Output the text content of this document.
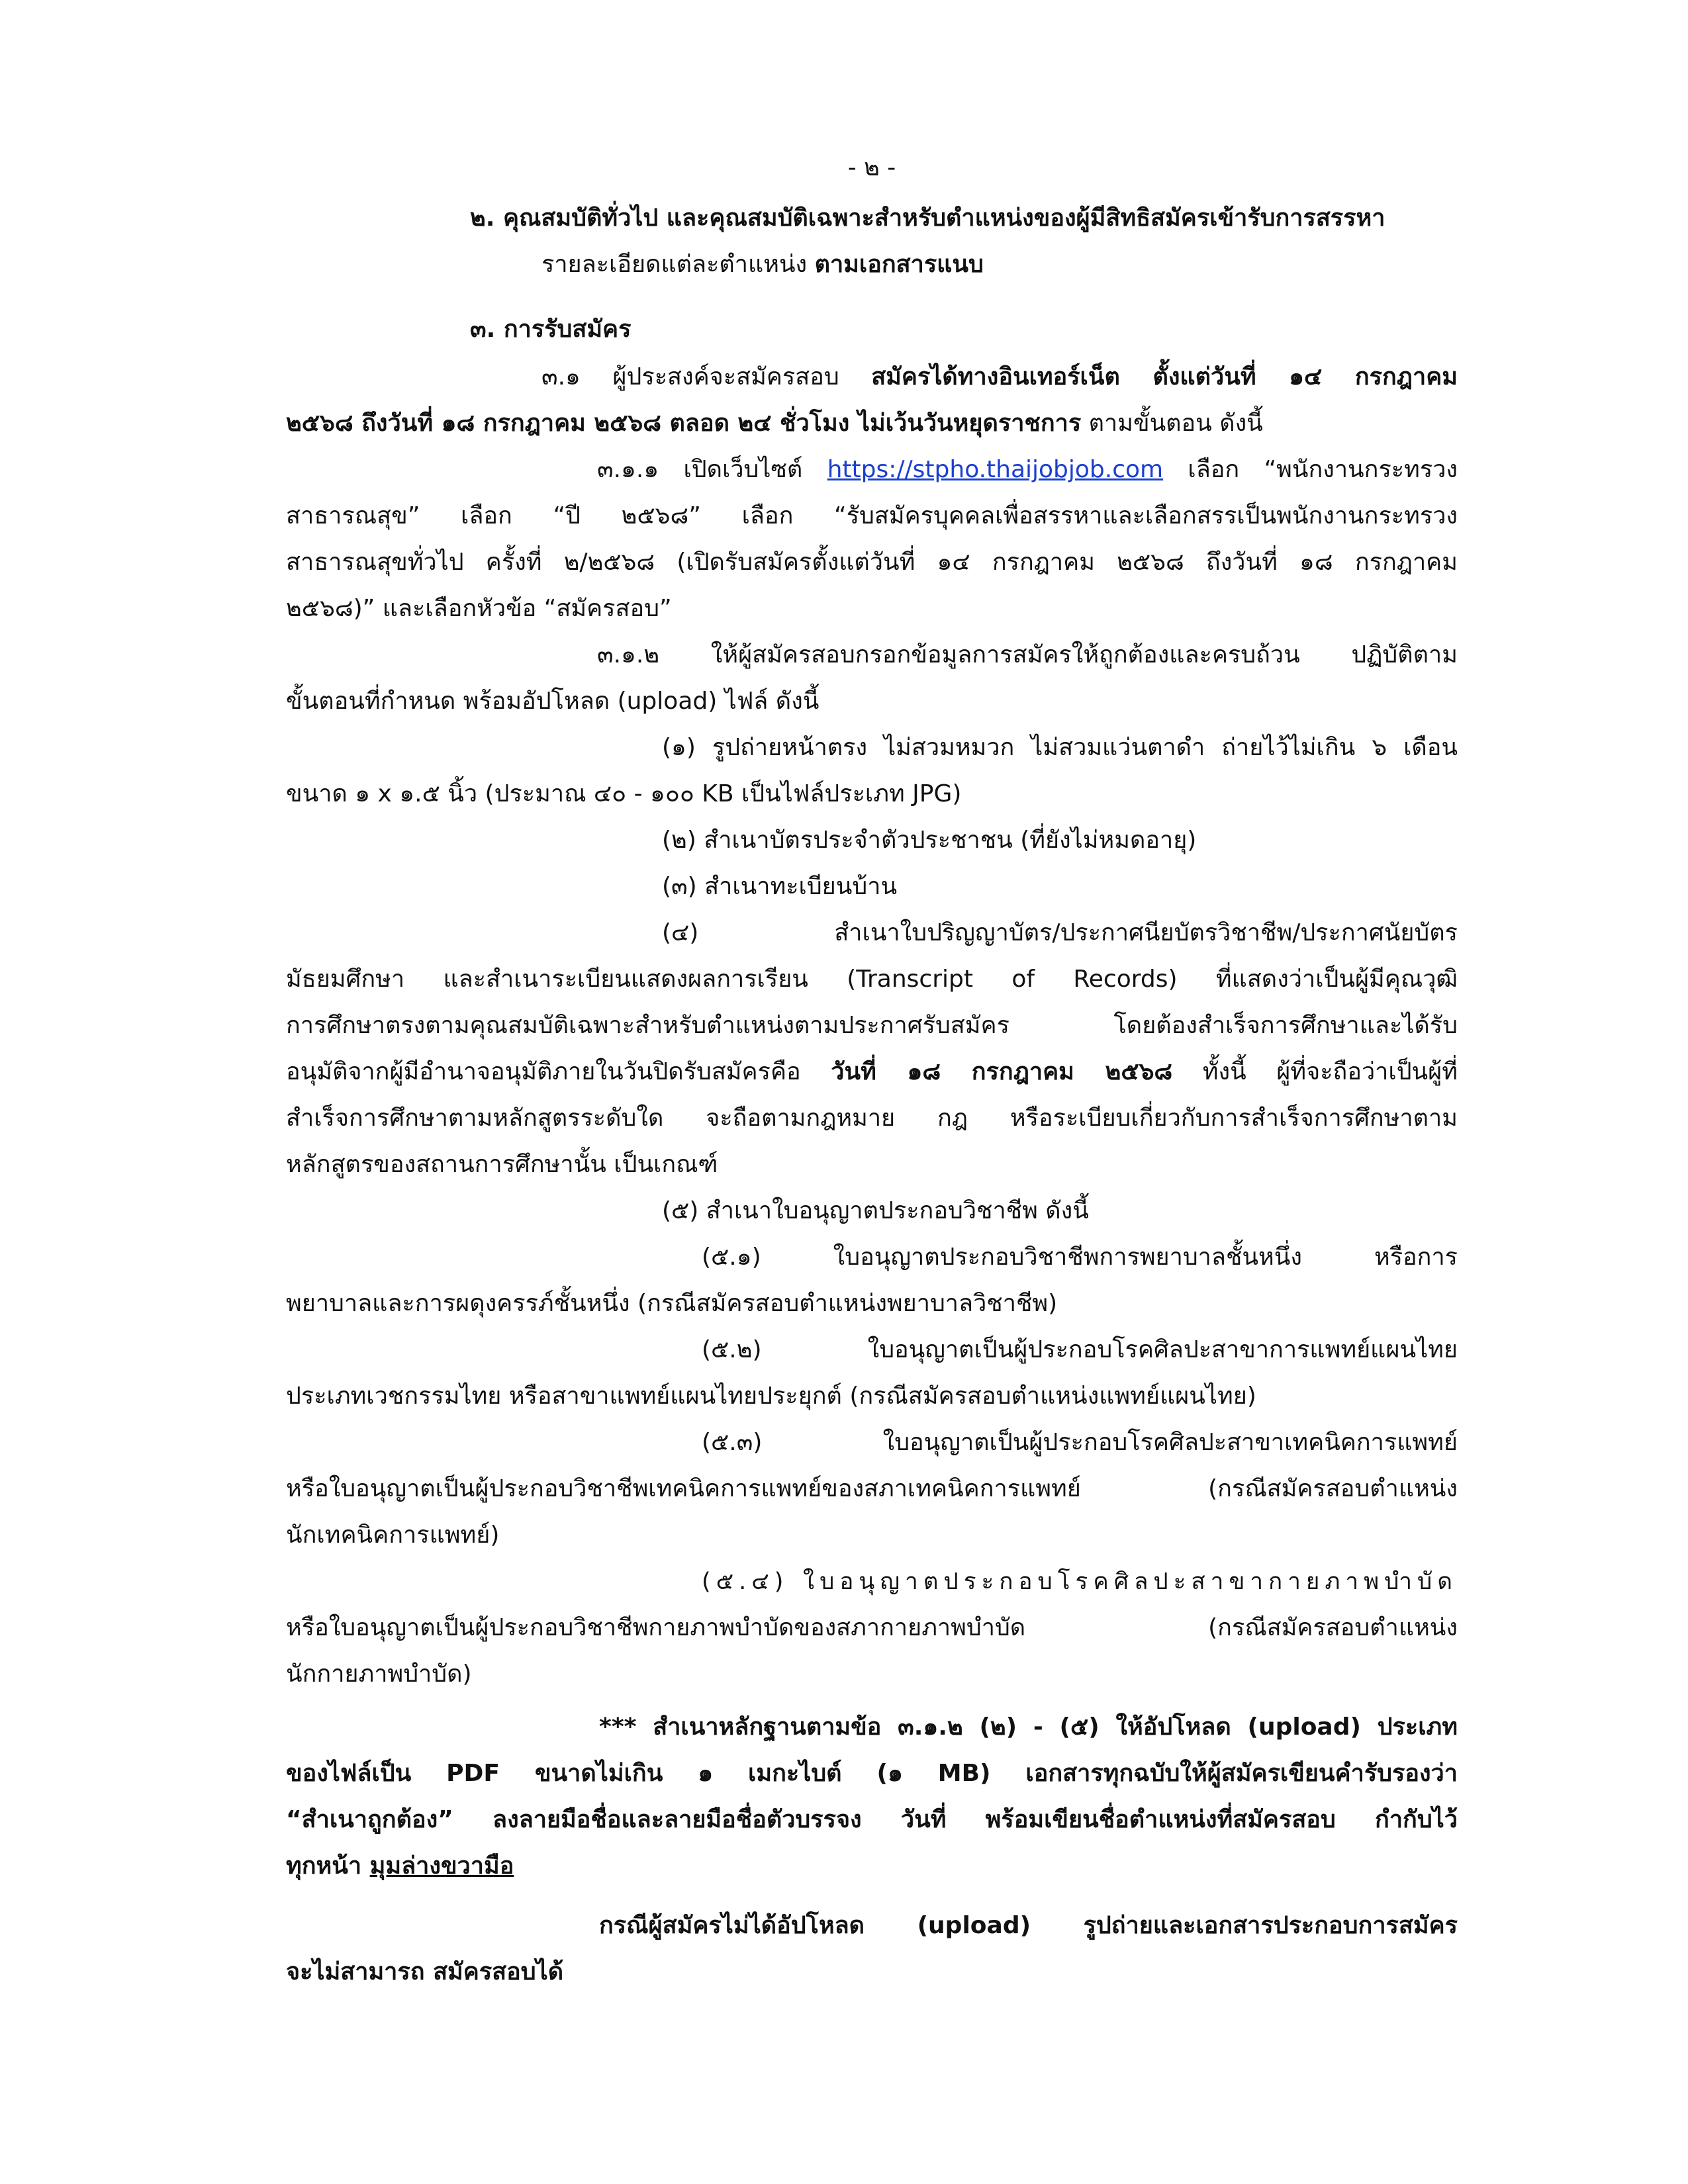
- ๒ -
๒. คุณสมบัติทั่วไป และคุณสมบัติเฉพาะสำหรับตำแหน่งของผู้มีสิทธิสมัครเข้ารับการสรรหา
รายละเอียดแต่ละตำแหน่ง ตามเอกสารแนบ
๓. การรับสมัคร
๓.๑ ผู้ประสงค์จะสมัครสอบ สมัครได้ทางอินเทอร์เน็ต ตั้งแต่วันที่ ๑๔ กรกฎาคม
๒๕๖๘ ถึงวันที่ ๑๘ กรกฎาคม ๒๕๖๘ ตลอด ๒๔ ชั่วโมง ไม่เว้นวันหยุดราชการ ตามขั้นตอน ดังนี้
๓.๑.๑ เปิดเว็บไซต์ https://stpho.thaijobjob.com เลือก “พนักงานกระทรวง
สาธารณสุข” เลือก “ปี ๒๕๖๘” เลือก “รับสมัครบุคคลเพื่อสรรหาและเลือกสรรเป็นพนักงานกระทรวง
สาธารณสุขทั่วไป ครั้งที่ ๒/๒๕๖๘ (เปิดรับสมัครตั้งแต่วันที่ ๑๔ กรกฎาคม ๒๕๖๘ ถึงวันที่ ๑๘ กรกฎาคม
๒๕๖๘)” และเลือกหัวข้อ “สมัครสอบ”
๓.๑.๒ ให้ผู้สมัครสอบกรอกข้อมูลการสมัครให้ถูกต้องและครบถ้วน ปฏิบัติตาม
ขั้นตอนที่กำหนด พร้อมอัปโหลด (upload) ไฟล์ ดังนี้
(๑) รูปถ่ายหน้าตรง ไม่สวมหมวก ไม่สวมแว่นตาดำ ถ่ายไว้ไม่เกิน ๖ เดือน
ขนาด ๑ x ๑.๕ นิ้ว (ประมาณ ๔๐ - ๑๐๐ KB เป็นไฟล์ประเภท JPG)
(๒) สำเนาบัตรประจำตัวประชาชน (ที่ยังไม่หมดอายุ)
(๓) สำเนาทะเบียนบ้าน
(๔) สำเนาใบปริญญาบัตร/ประกาศนียบัตรวิชาชีพ/ประกาศนัยบัตร
มัธยมศึกษา และสำเนาระเบียนแสดงผลการเรียน (Transcript of Records) ที่แสดงว่าเป็นผู้มีคุณวุฒิ
การศึกษาตรงตามคุณสมบัติเฉพาะสำหรับตำแหน่งตามประกาศรับสมัคร โดยต้องสำเร็จการศึกษาและได้รับ
อนุมัติจากผู้มีอำนาจอนุมัติภายในวันปิดรับสมัครคือ วันที่ ๑๘ กรกฎาคม ๒๕๖๘ ทั้งนี้ ผู้ที่จะถือว่าเป็นผู้ที่
สำเร็จการศึกษาตามหลักสูตรระดับใด จะถือตามกฎหมาย กฎ หรือระเบียบเกี่ยวกับการสำเร็จการศึกษาตาม
หลักสูตรของสถานการศึกษานั้น เป็นเกณฑ์
(๕) สำเนาใบอนุญาตประกอบวิชาชีพ ดังนี้
(๕.๑) ใบอนุญาตประกอบวิชาชีพการพยาบาลชั้นหนึ่ง หรือการ
พยาบาลและการผดุงครรภ์ชั้นหนึ่ง (กรณีสมัครสอบตำแหน่งพยาบาลวิชาชีพ)
(๕.๒) ใบอนุญาตเป็นผู้ประกอบโรคศิลปะสาขาการแพทย์แผนไทย
ประเภทเวชกรรมไทย หรือสาขาแพทย์แผนไทยประยุกต์ (กรณีสมัครสอบตำแหน่งแพทย์แผนไทย)
(๕.๓) ใบอนุญาตเป็นผู้ประกอบโรคศิลปะสาขาเทคนิคการแพทย์
หรือใบอนุญาตเป็นผู้ประกอบวิชาชีพเทคนิคการแพทย์ของสภาเทคนิคการแพทย์ (กรณีสมัครสอบตำแหน่ง
นักเทคนิคการแพทย์)
(๕.๔) ใบอนุญาตประกอบโรคศิลปะสาขากายภาพบำบัด
หรือใบอนุญาตเป็นผู้ประกอบวิชาชีพกายภาพบำบัดของสภากายภาพบำบัด (กรณีสมัครสอบตำแหน่ง
นักกายภาพบำบัด)
*** สำเนาหลักฐานตามข้อ ๓.๑.๒ (๒) - (๕) ให้อัปโหลด (upload) ประเภท
ของไฟล์เป็น PDF ขนาดไม่เกิน ๑ เมกะไบต์ (๑ MB) เอกสารทุกฉบับให้ผู้สมัครเขียนคำรับรองว่า
“สำเนาถูกต้อง” ลงลายมือชื่อและลายมือชื่อตัวบรรจง วันที่ พร้อมเขียนชื่อตำแหน่งที่สมัครสอบ กำกับไว้
ทุกหน้า มุมล่างขวามือ
กรณีผู้สมัครไม่ได้อัปโหลด (upload) รูปถ่ายและเอกสารประกอบการสมัคร
จะไม่สามารถ สมัครสอบได้
